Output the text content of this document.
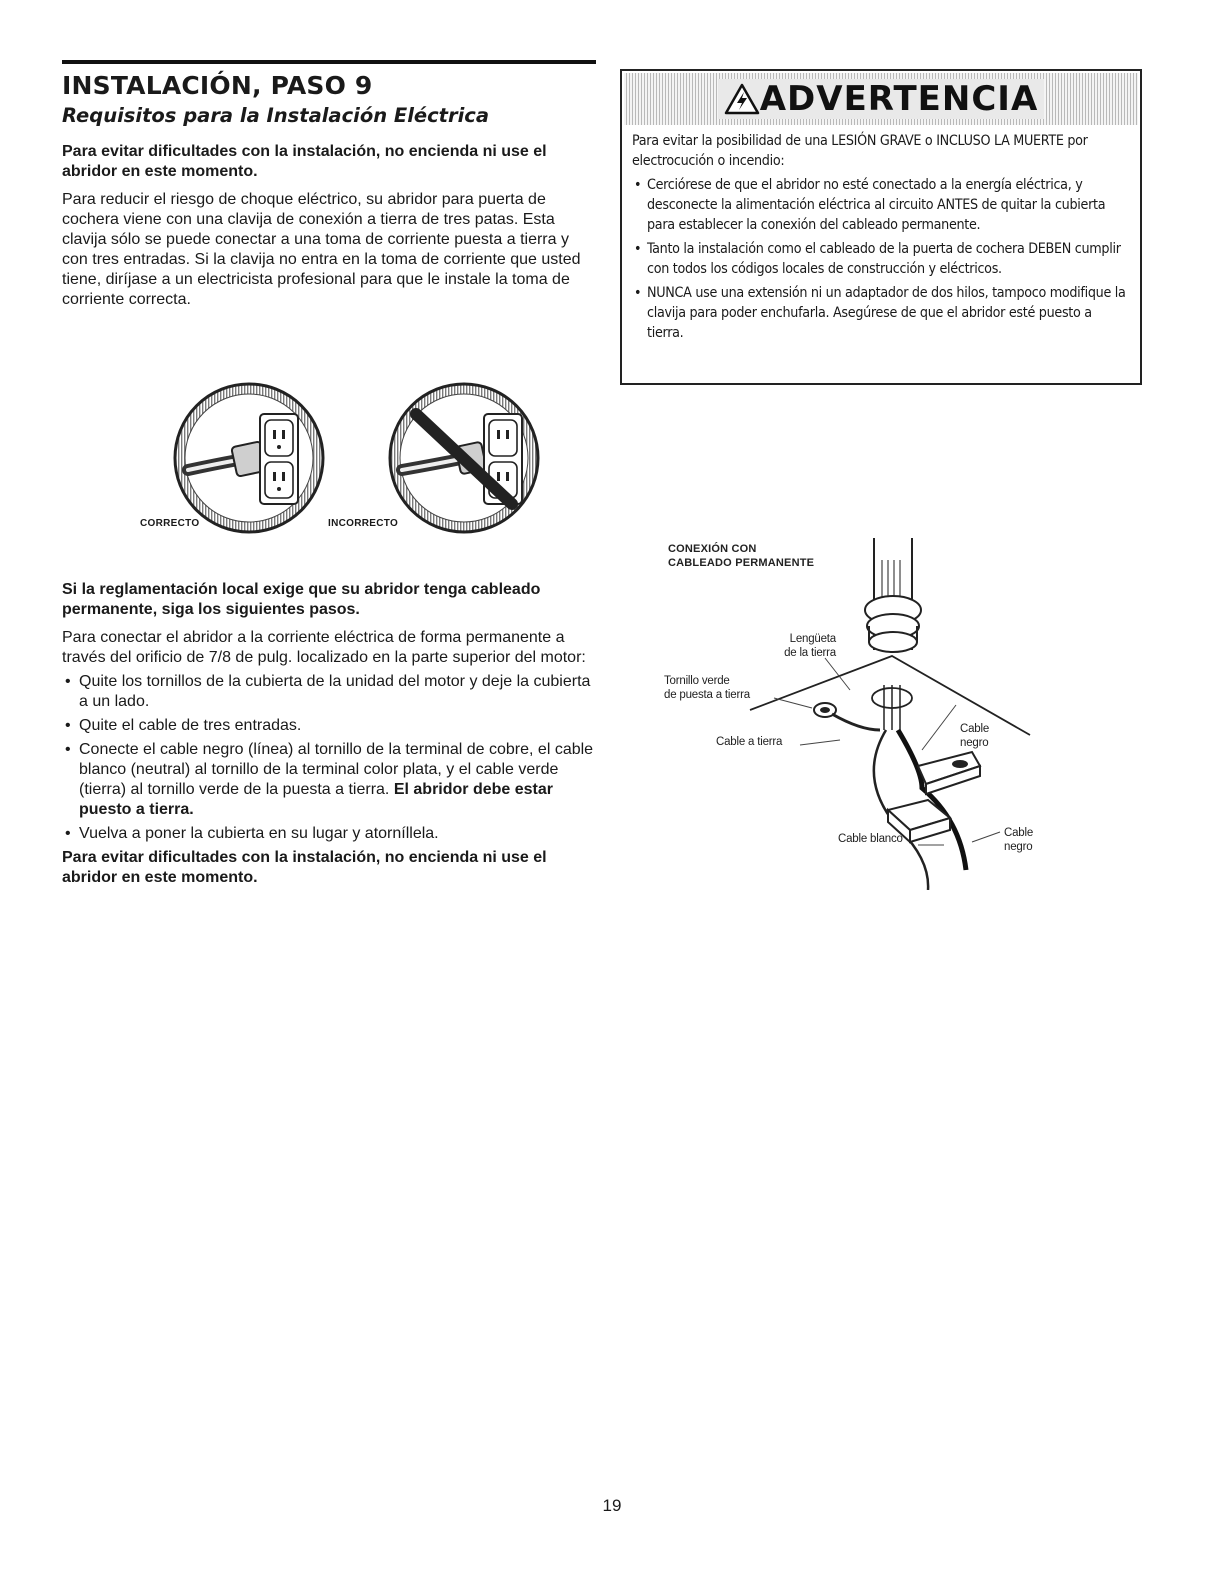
INSTALACIÓN, PASO 9
Requisitos para la Instalación Eléctrica

Para evitar dificultades con la instalación, no encienda ni use el abridor en este momento.

Para reducir el riesgo de choque eléctrico, su abridor para puerta de cochera viene con una clavija de conexión a tierra de tres patas. Esta clavija sólo se puede conectar a una toma de corriente puesta a tierra y con tres entradas. Si la clavija no entra en la toma de corriente que usted tiene, diríjase a un electricista profesional para que le instale la toma de corriente correcta.

CORRECTO	INCORRECTO

Si la reglamentación local exige que su abridor tenga cableado permanente, siga los siguientes pasos.

Para conectar el abridor a la corriente eléctrica de forma permanente a través del orificio de 7/8 de pulg. localizado en la parte superior del motor:

• Quite los tornillos de la cubierta de la unidad del motor y deje la cubierta a un lado.
• Quite el cable de tres entradas.
• Conecte el cable negro (línea) al tornillo de la terminal de cobre, el cable blanco (neutral) al tornillo de la terminal color plata, y el cable verde (tierra) al tornillo verde de la puesta a tierra. El abridor debe estar puesto a tierra.
• Vuelva a poner la cubierta en su lugar y atorníllela.

Para evitar dificultades con la instalación, no encienda ni use el abridor en este momento.

ADVERTENCIA

Para evitar la posibilidad de una LESIÓN GRAVE o INCLUSO LA MUERTE por electrocución o incendio:

• Cerciórese de que el abridor no esté conectado a la energía eléctrica, y desconecte la alimentación eléctrica al circuito ANTES de quitar la cubierta para establecer la conexión del cableado permanente.
• Tanto la instalación como el cableado de la puerta de cochera DEBEN cumplir con todos los códigos locales de construcción y eléctricos.
• NUNCA use una extensión ni un adaptador de dos hilos, tampoco modifique la clavija para poder enchufarla. Asegúrese de que el abridor esté puesto a tierra.
CONEXIÓN CON
CABLEADO PERMANENTE
Lengüeta
de la tierra
Tornillo verde
de puesta a tierra
Cable a tierra
Cable
negro
Cable blanco	Cable
negro
19
